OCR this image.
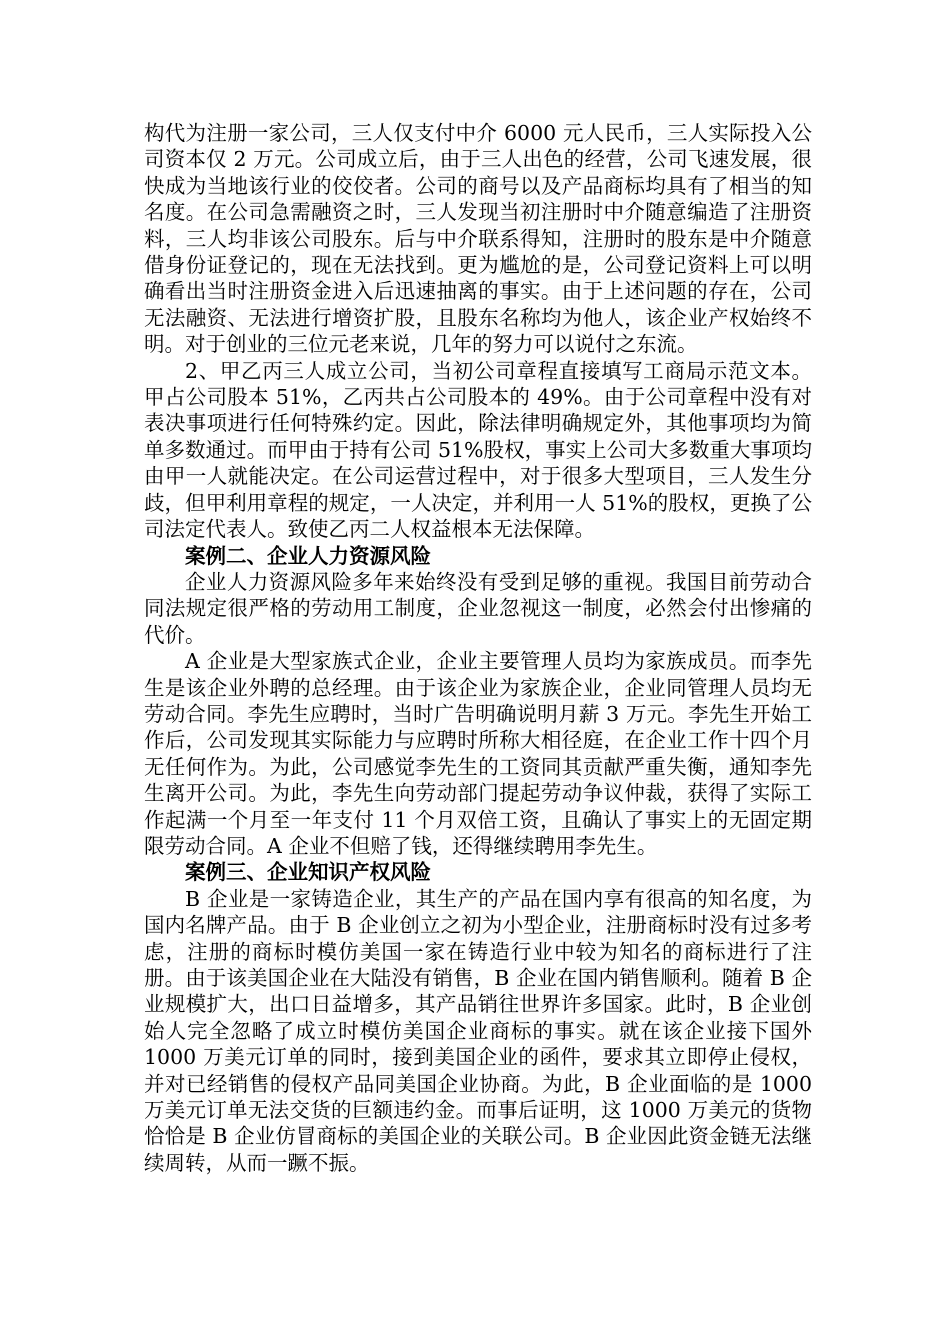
构代为注册一家公司，三人仅支付中介 6000 元人民币，三人实际投入公司资本仅 2 万元。公司成立后，由于三人出色的经营，公司飞速发展，很快成为当地该行业的佼佼者。公司的商号以及产品商标均具有了相当的知名度。在公司急需融资之时，三人发现当初注册时中介随意编造了注册资料，三人均非该公司股东。后与中介联系得知，注册时的股东是中介随意借身份证登记的，现在无法找到。更为尴尬的是，公司登记资料上可以明确看出当时注册资金进入后迅速抽离的事实。由于上述问题的存在，公司无法融资、无法进行增资扩股，且股东名称均为他人，该企业产权始终不明。对于创业的三位元老来说，几年的努力可以说付之东流。

2、甲乙丙三人成立公司，当初公司章程直接填写工商局示范文本。甲占公司股本 51%，乙丙共占公司股本的 49%。由于公司章程中没有对表决事项进行任何特殊约定。因此，除法律明确规定外，其他事项均为简单多数通过。而甲由于持有公司 51%股权，事实上公司大多数重大事项均由甲一人就能决定。在公司运营过程中，对于很多大型项目，三人发生分歧，但甲利用章程的规定，一人决定，并利用一人 51%的股权，更换了公司法定代表人。致使乙丙二人权益根本无法保障。

案例二、企业人力资源风险

企业人力资源风险多年来始终没有受到足够的重视。我国目前劳动合同法规定很严格的劳动用工制度，企业忽视这一制度，必然会付出惨痛的代价。

A 企业是大型家族式企业，企业主要管理人员均为家族成员。而李先生是该企业外聘的总经理。由于该企业为家族企业，企业同管理人员均无劳动合同。李先生应聘时，当时广告明确说明月薪 3 万元。李先生开始工作后，公司发现其实际能力与应聘时所称大相径庭，在企业工作十四个月无任何作为。为此，公司感觉李先生的工资同其贡献严重失衡，通知李先生离开公司。为此，李先生向劳动部门提起劳动争议仲裁，获得了实际工作起满一个月至一年支付 11 个月双倍工资，且确认了事实上的无固定期限劳动合同。A 企业不但赔了钱，还得继续聘用李先生。

案例三、企业知识产权风险

B 企业是一家铸造企业，其生产的产品在国内享有很高的知名度，为国内名牌产品。由于 B 企业创立之初为小型企业，注册商标时没有过多考虑，注册的商标时模仿美国一家在铸造行业中较为知名的商标进行了注册。由于该美国企业在大陆没有销售，B 企业在国内销售顺利。随着 B 企业规模扩大，出口日益增多，其产品销往世界许多国家。此时，B 企业创始人完全忽略了成立时模仿美国企业商标的事实。就在该企业接下国外 1000 万美元订单的同时，接到美国企业的函件，要求其立即停止侵权，并对已经销售的侵权产品同美国企业协商。为此，B 企业面临的是 1000 万美元订单无法交货的巨额违约金。而事后证明，这 1000 万美元的货物恰恰是 B 企业仿冒商标的美国企业的关联公司。B 企业因此资金链无法继续周转，从而一蹶不振。
